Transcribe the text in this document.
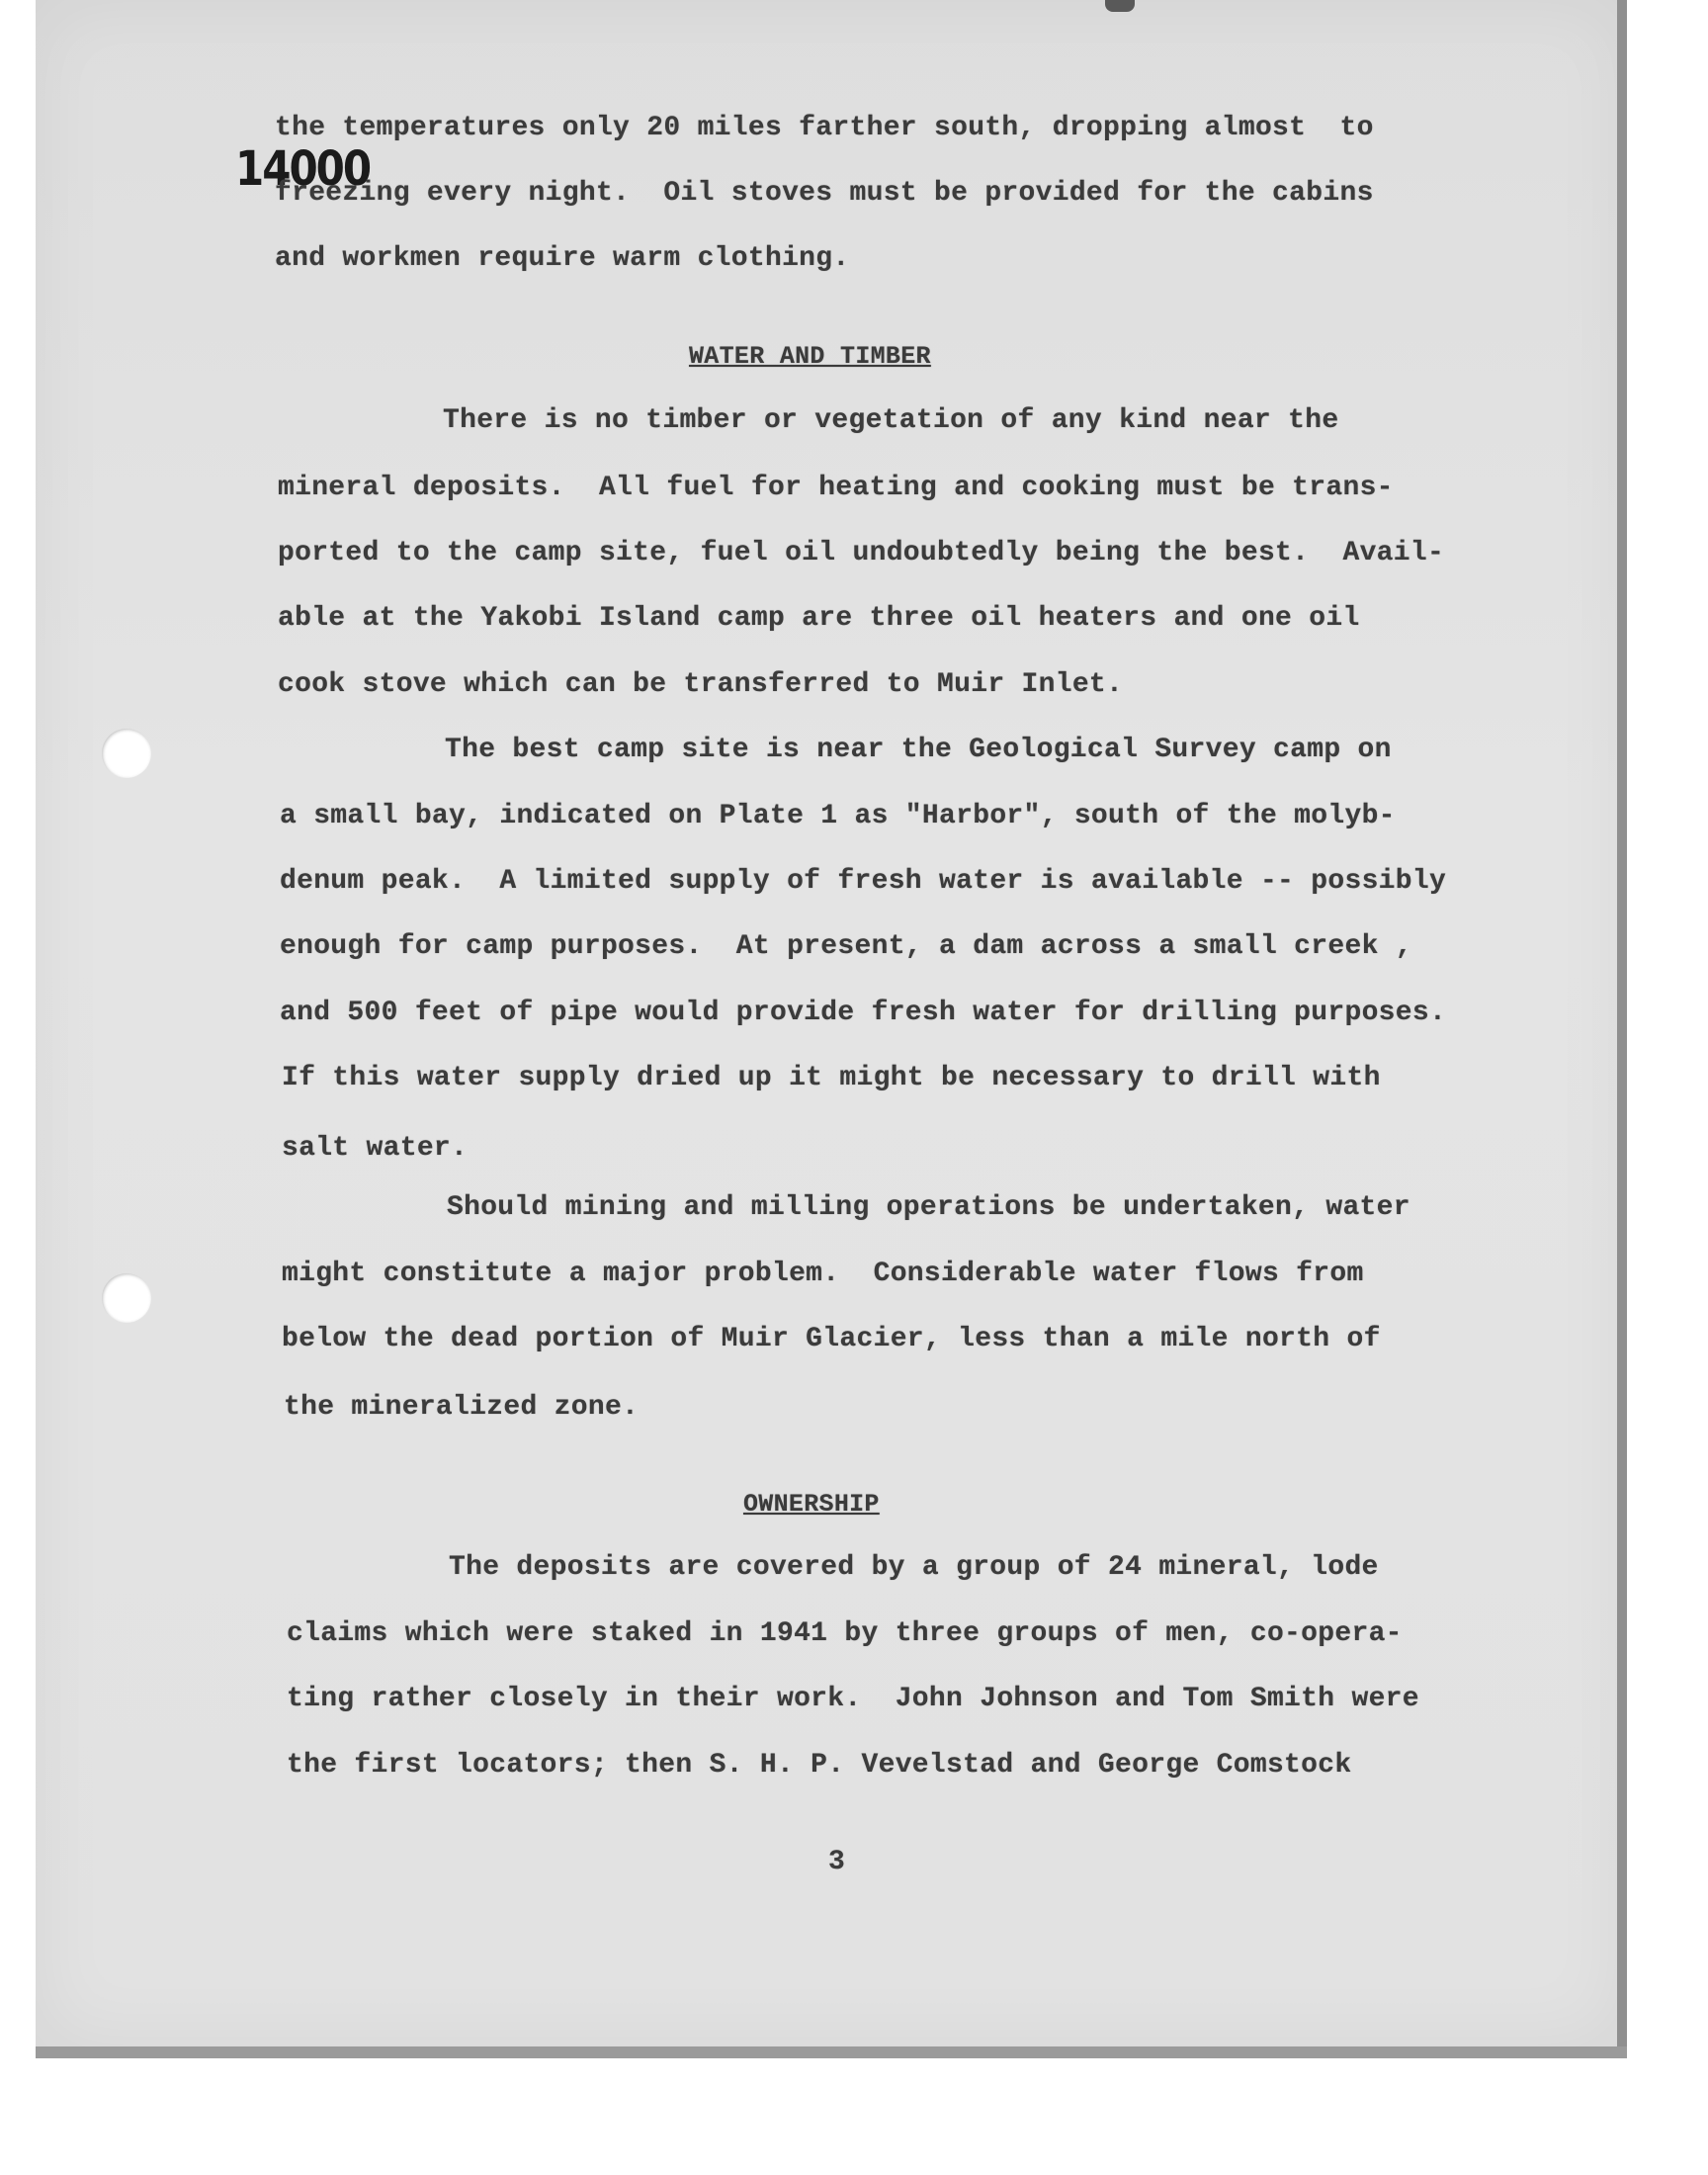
14000
the temperatures only 20 miles farther south, dropping almost  to
freezing every night.  Oil stoves must be provided for the cabins
and workmen require warm clothing.
WATER AND TIMBER
There is no timber or vegetation of any kind near the
mineral deposits.  All fuel for heating and cooking must be trans-
ported to the camp site, fuel oil undoubtedly being the best.  Avail-
able at the Yakobi Island camp are three oil heaters and one oil
cook stove which can be transferred to Muir Inlet.
The best camp site is near the Geological Survey camp on
a small bay, indicated on Plate 1 as "Harbor", south of the molyb-
denum peak.  A limited supply of fresh water is available -- possibly
enough for camp purposes.  At present, a dam across a small creek ,
and 500 feet of pipe would provide fresh water for drilling purposes.
If this water supply dried up it might be necessary to drill with
salt water.
Should mining and milling operations be undertaken, water
might constitute a major problem.  Considerable water flows from
below the dead portion of Muir Glacier, less than a mile north of
the mineralized zone.
OWNERSHIP
The deposits are covered by a group of 24 mineral, lode
claims which were staked in 1941 by three groups of men, co-opera-
ting rather closely in their work.  John Johnson and Tom Smith were
the first locators; then S. H. P. Vevelstad and George Comstock
3
